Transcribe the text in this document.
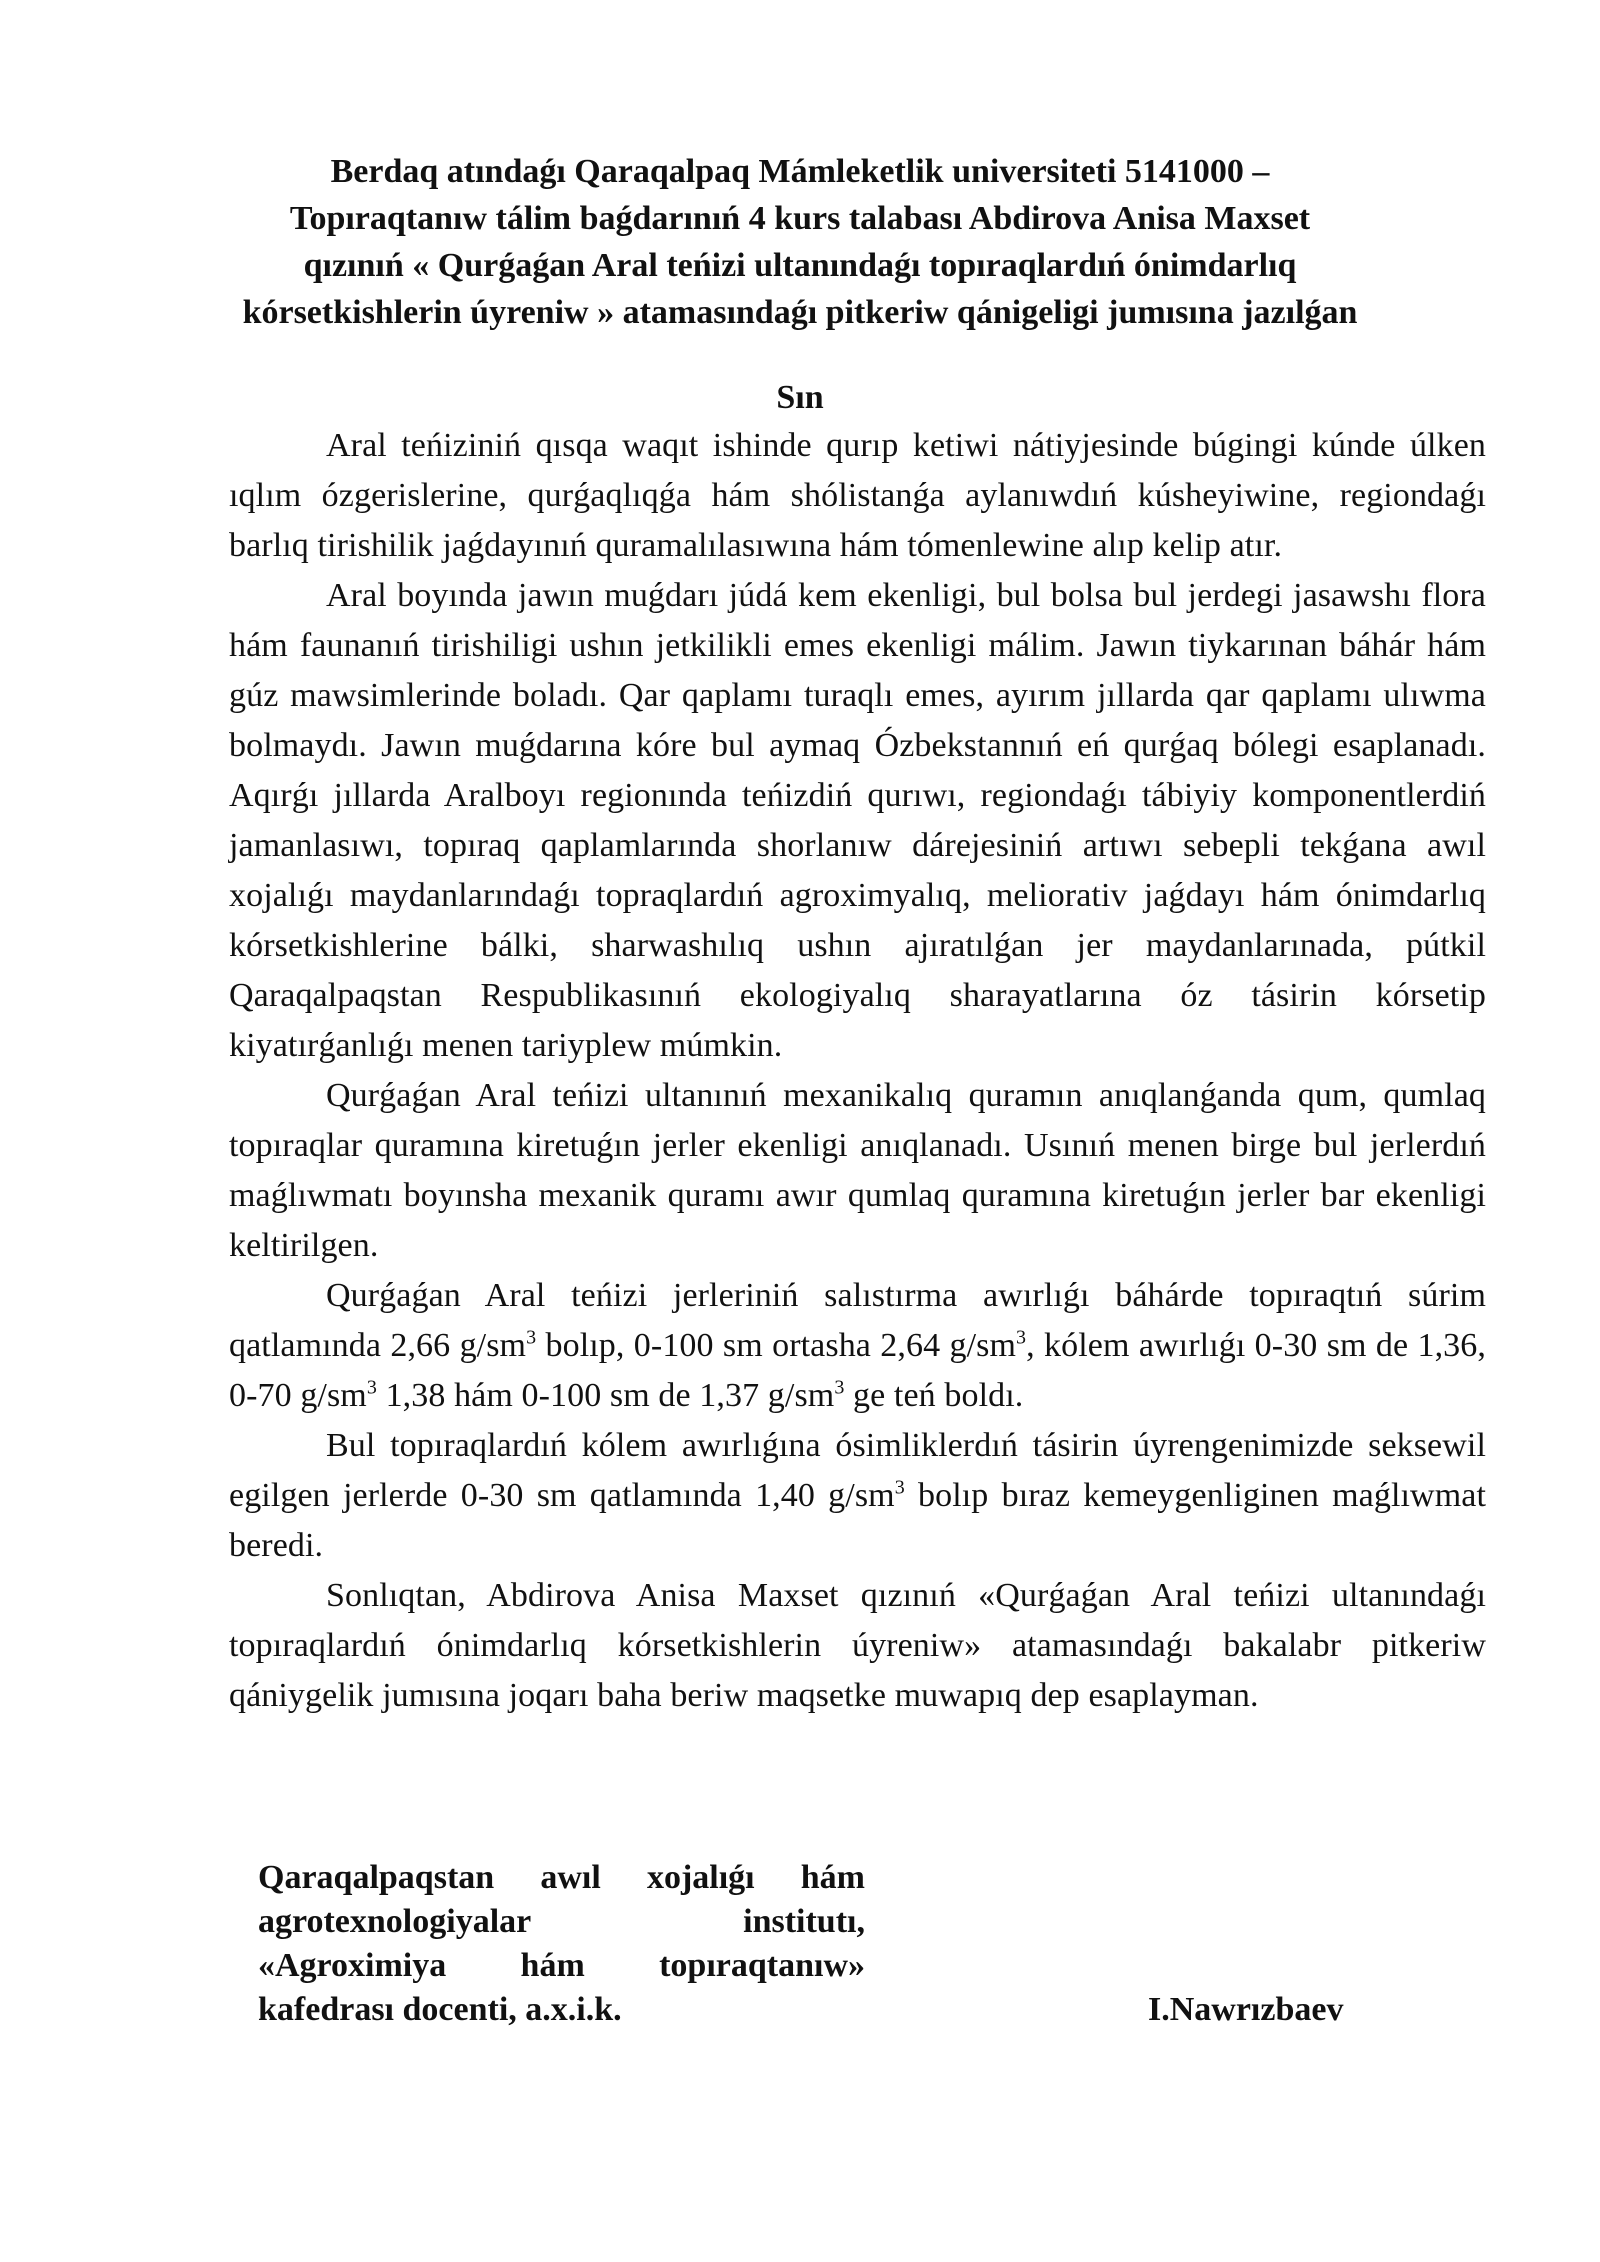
Berdaq atındaǵı Qaraqalpaq Mámleketlik universiteti 5141000 –
Topıraqtanıw tálim baǵdarınıń 4 kurs talabası Abdirova Anisa Maxset
qızınıń « Qurǵaǵan Aral teńizi ultanındaǵı topıraqlardıń ónimdarlıq
kórsetkishlerin úyreniw » atamasındaǵı pitkeriw qánigeligi jumısına jazılǵan
Sın

Aral teńiziniń qısqa waqıt ishinde qurıp ketiwi nátiyjesinde búgingi kúnde úlken ıqlım ózgerislerine, qurǵaqlıqǵa hám shólistanǵa aylanıwdıń kúsheyiwine, regiondaǵı barlıq tirishilik jaǵdayınıń quramalılasıwına hám tómenlewine alıp kelip atır.

Aral boyında jawın muǵdarı júdá kem ekenligi, bul bolsa bul jerdegi jasawshı flora hám faunanıń tirishiligi ushın jetkilikli emes ekenligi málim. Jawın tiykarınan báhár hám gúz mawsimlerinde boladı. Qar qaplamı turaqlı emes, ayırım jıllarda qar qaplamı ulıwma bolmaydı. Jawın muǵdarına kóre bul aymaq Ózbekstannıń eń qurǵaq bólegi esaplanadı. Aqırǵı jıllarda Aralboyı regionında teńizdiń qurıwı, regiondaǵı tábiyiy komponentlerdiń jamanlasıwı, topıraq qaplamlarında shorlanıw dárejesiniń artıwı sebepli tekǵana awıl xojalıǵı maydanlarındaǵı topraqlardıń agroximyalıq, meliorativ jaǵdayı hám ónimdarlıq kórsetkishlerine bálki, sharwashılıq ushın ajıratılǵan jer maydanlarınada, pútkil Qaraqalpaqstan Respublikasınıń ekologiyalıq sharayatlarına óz tásirin kórsetip kiyatırǵanlıǵı menen tariyplew múmkin.

Qurǵaǵan Aral teńizi ultanınıń mexanikalıq quramın anıqlanǵanda qum, qumlaq topıraqlar quramına kiretuǵın jerler ekenligi anıqlanadı. Usınıń menen birge bul jerlerdıń maǵlıwmatı boyınsha mexanik quramı awır qumlaq quramına kiretuǵın jerler bar ekenligi keltirilgen.

Qurǵaǵan Aral teńizi jerleriniń salıstırma awırlıǵı báhárde topıraqtıń súrim qatlamında 2,66 $g/sm^3$ bolıp, 0-100 sm ortasha 2,64 $g/sm^3$, kólem awırlıǵı 0-30 sm de 1,36, 0-70 $g/sm^3$ 1,38 hám 0-100 sm de 1,37 $g/sm^3$ ge teń boldı.

Bul topıraqlardıń kólem awırlıǵına ósimliklerdıń tásirin úyrengenimizde seksewil egilgen jerlerde 0-30 sm qatlamında 1,40 $g/sm^3$ bolıp bıraz kemeygenliginen maǵlıwmat beredi.

Sonlıqtan, Abdirova Anisa Maxset qızınıń «Qurǵaǵan Aral teńizi ultanındaǵı topıraqlardıń ónimdarlıq kórsetkishlerin úyreniw» atamasındaǵı bakalabr pitkeriw qániygelik jumısına joqarı baha beriw maqsetke muwapıq dep esaplayman.

Qaraqalpaqstan awıl xojalıǵı hám
agrotexnologiyalar institutı,
«Agroximiya hám topıraqtanıw»
kafedrası docenti, a.x.i.k.	I.Nawrızbaev
